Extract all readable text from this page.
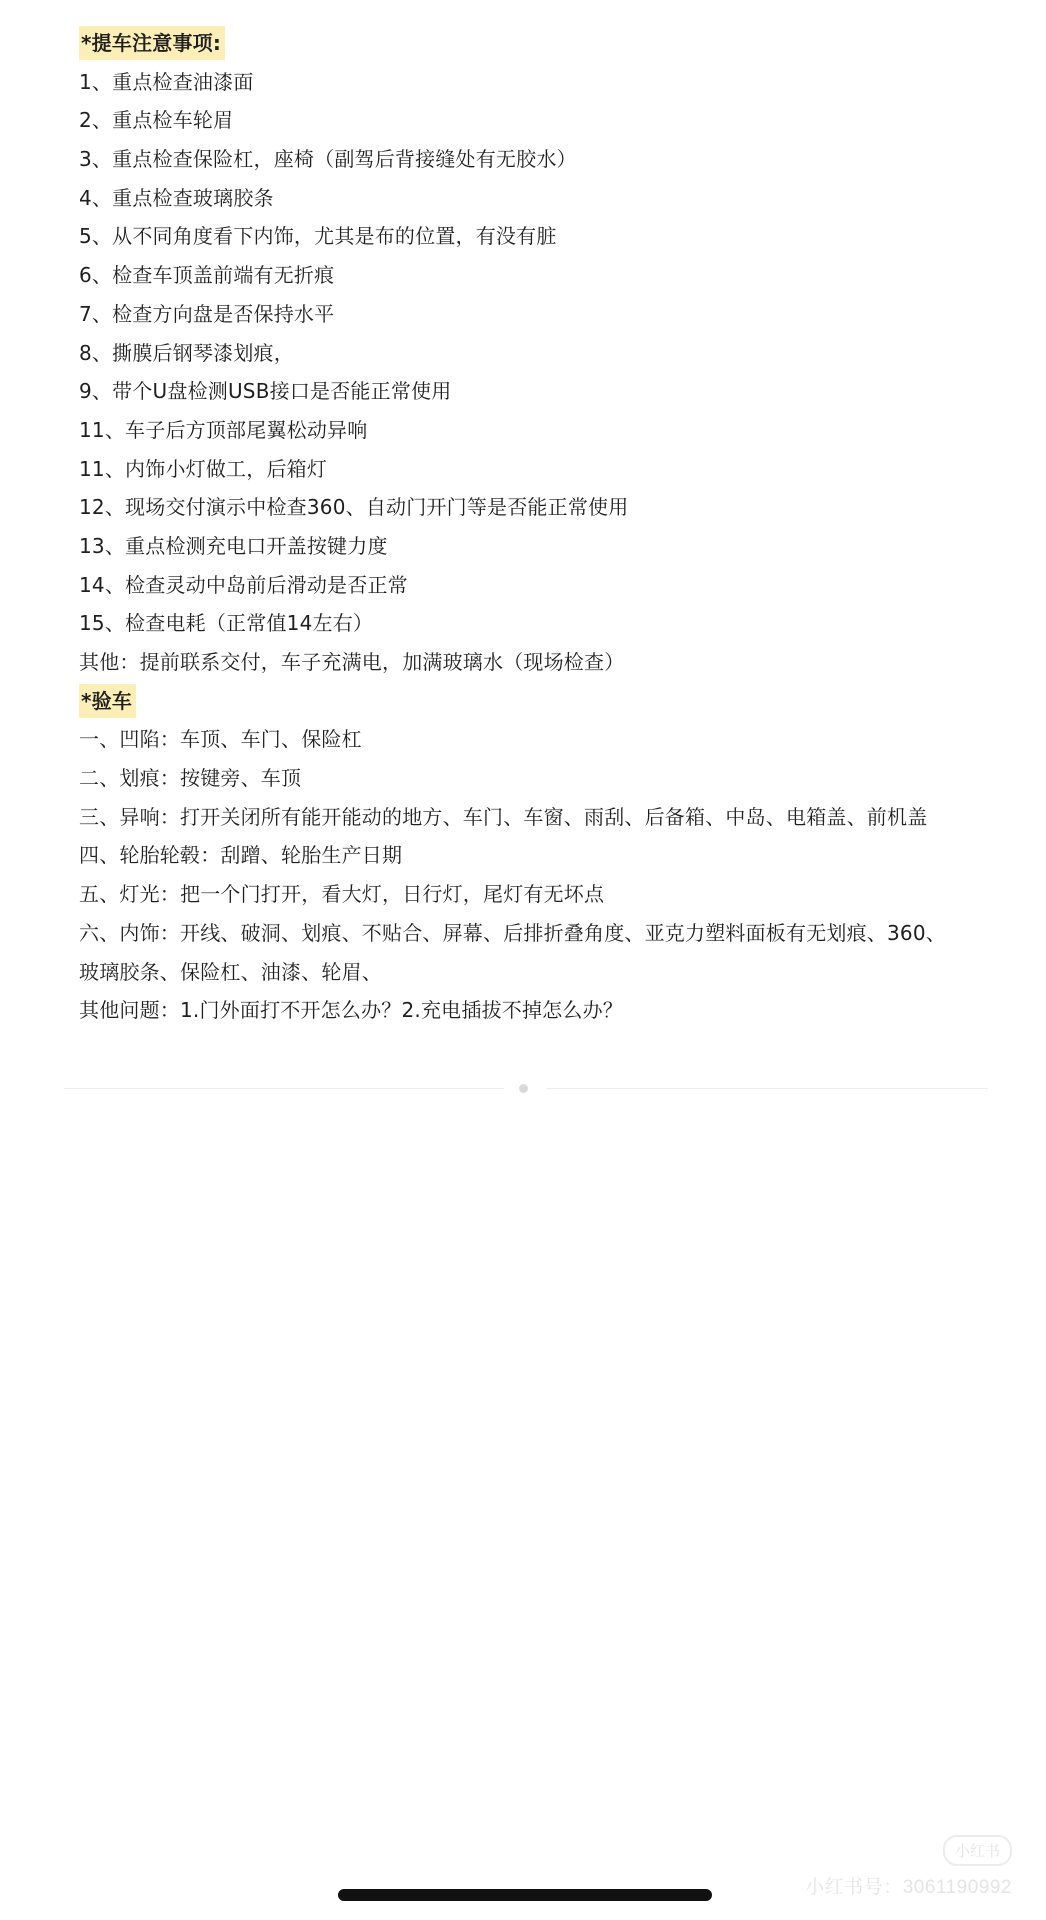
*提车注意事项:
1、重点检查油漆面
2、重点检车轮眉
3、重点检查保险杠，座椅（副驾后背接缝处有无胶水）
4、重点检查玻璃胶条
5、从不同角度看下内饰，尤其是布的位置，有没有脏
6、检查车顶盖前端有无折痕
7、检查方向盘是否保持水平
8、撕膜后钢琴漆划痕，
9、带个U盘检测USB接口是否能正常使用
11、车子后方顶部尾翼松动异响
11、内饰小灯做工，后箱灯
12、现场交付演示中检查360、自动门开门等是否能正常使用
13、重点检测充电口开盖按键力度
14、检查灵动中岛前后滑动是否正常
15、检查电耗（正常值14左右）
其他：提前联系交付，车子充满电，加满玻璃水（现场检查）
*验车
一、凹陷：车顶、车门、保险杠
二、划痕：按键旁、车顶
三、异响：打开关闭所有能开能动的地方、车门、车窗、雨刮、后备箱、中岛、电箱盖、前机盖
四、轮胎轮毂：刮蹭、轮胎生产日期
五、灯光：把一个门打开，看大灯，日行灯，尾灯有无坏点
六、内饰：开线、破洞、划痕、不贴合、屏幕、后排折叠角度、亚克力塑料面板有无划痕、360、
玻璃胶条、保险杠、油漆、轮眉、
其他问题：1.门外面打不开怎么办？2.充电插拔不掉怎么办？
小红书
小红书号：3061190992
